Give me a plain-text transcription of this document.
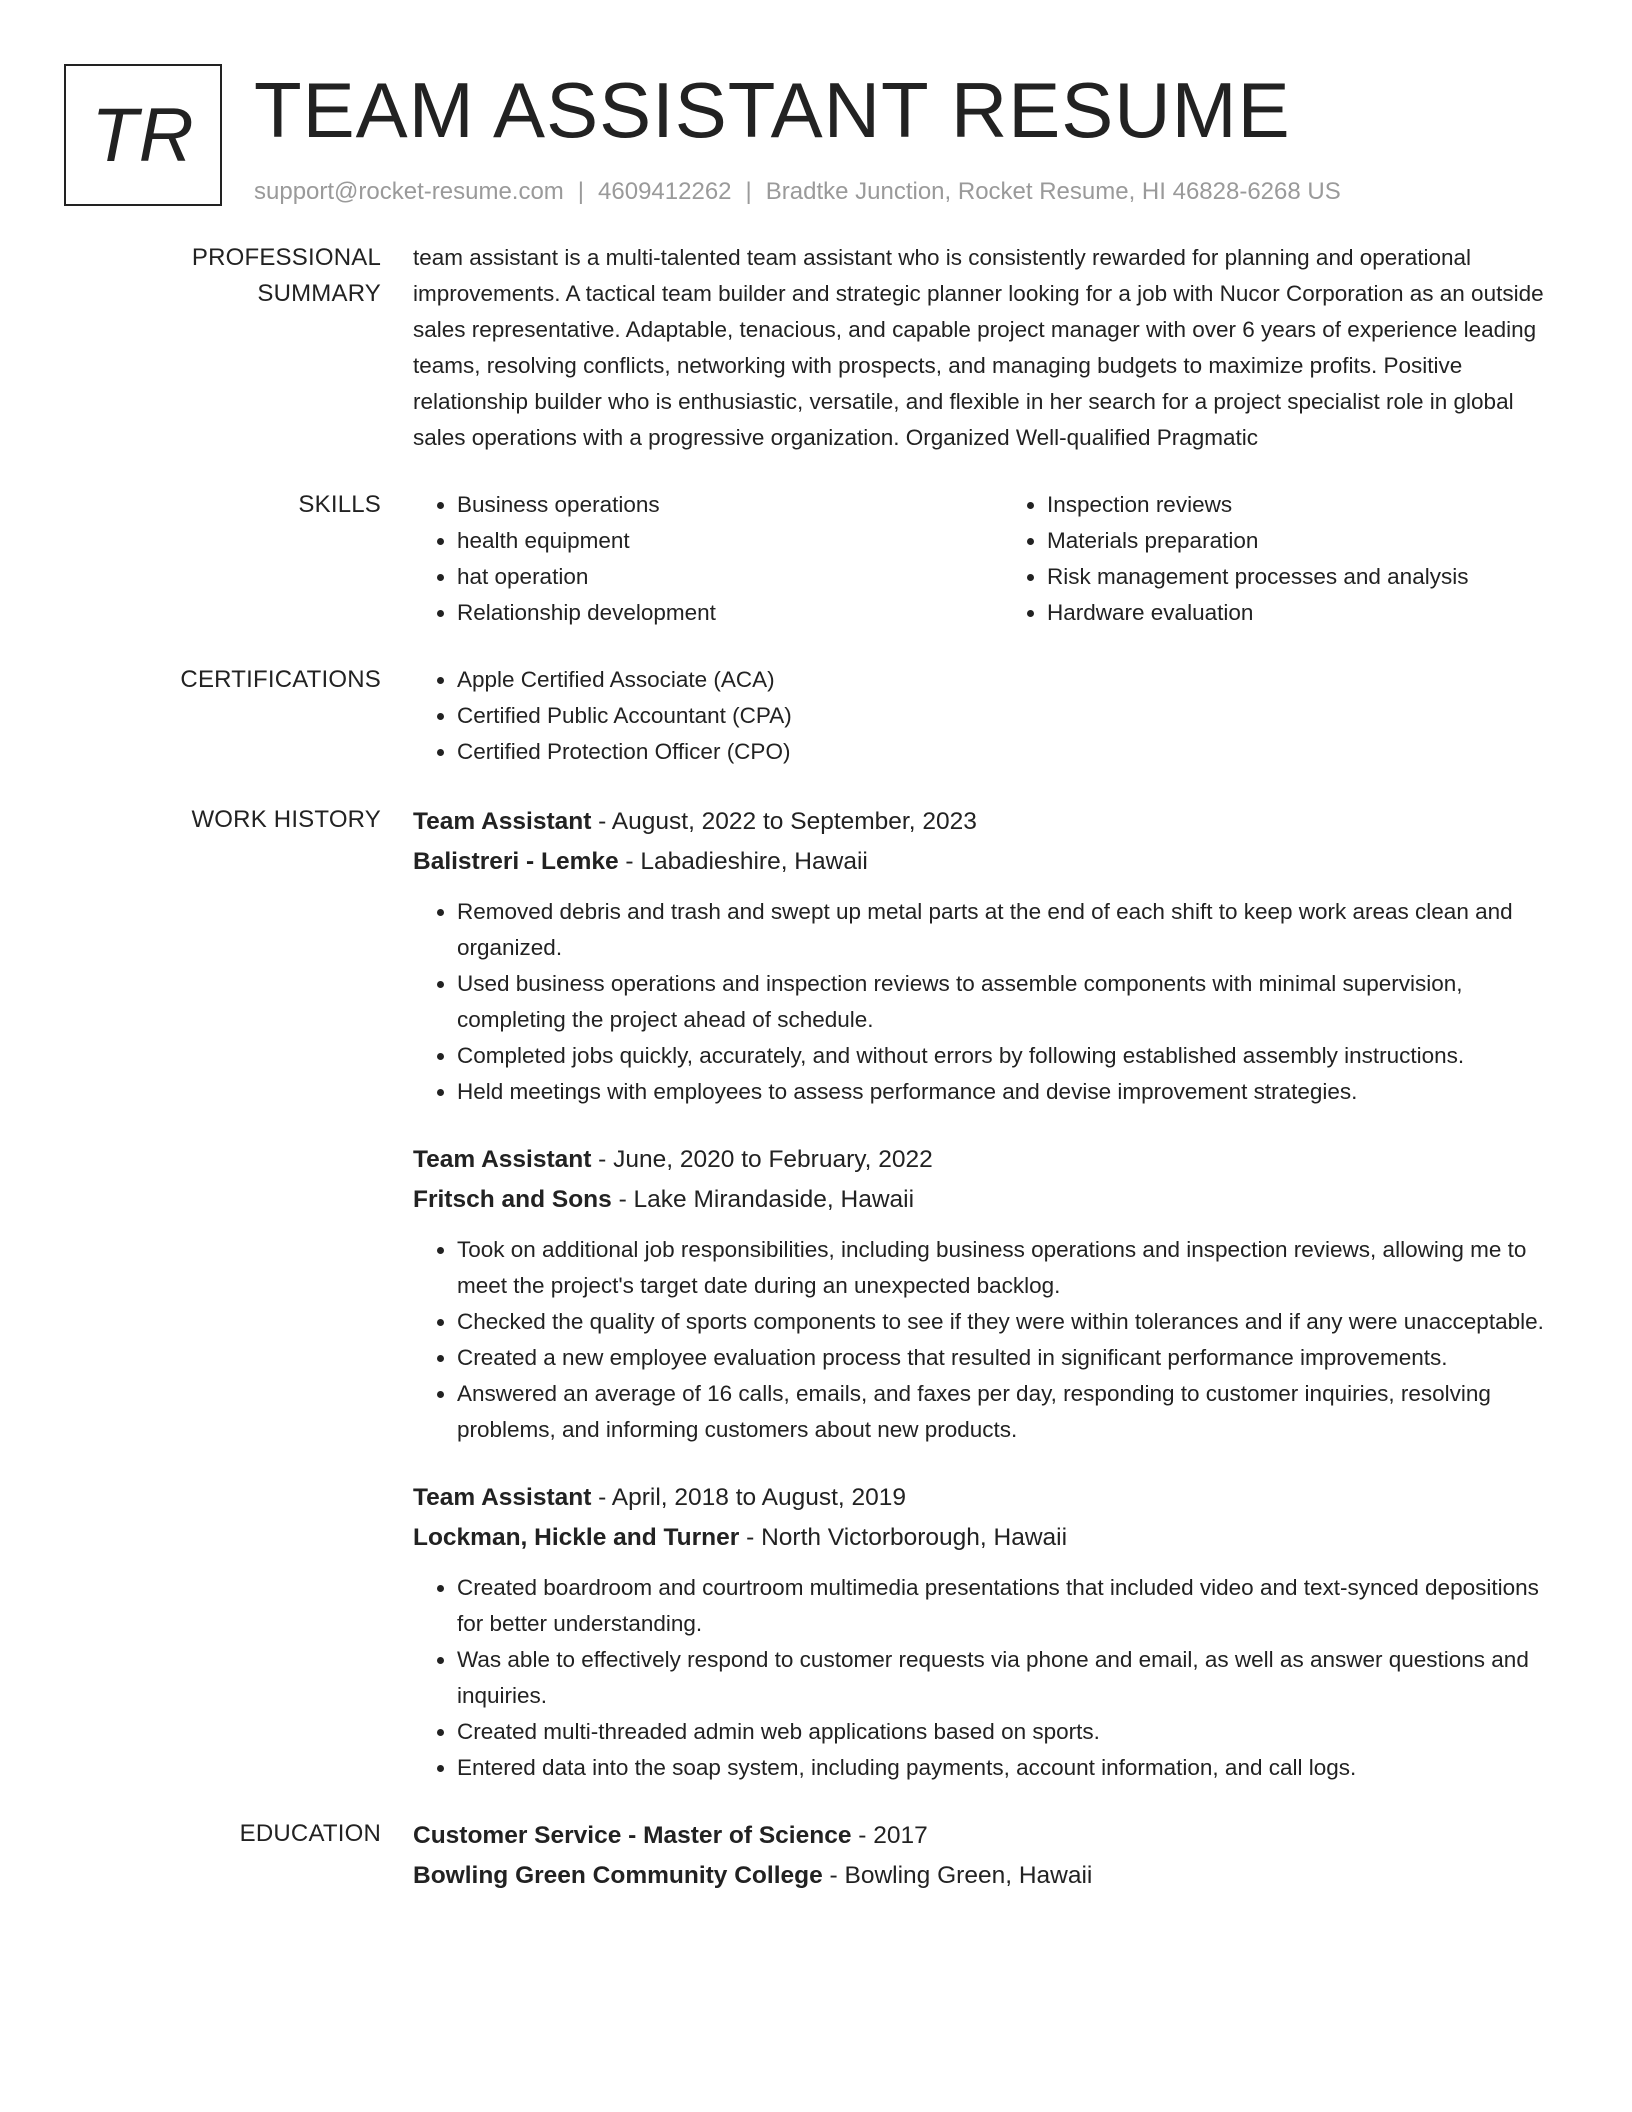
TR TEAM ASSISTANT RESUME
support@rocket-resume.com | 4609412262 | Bradtke Junction, Rocket Resume, HI 46828-6268 US
PROFESSIONAL SUMMARY

team assistant is a multi-talented team assistant who is consistently rewarded for planning and operational improvements. A tactical team builder and strategic planner looking for a job with Nucor Corporation as an outside sales representative. Adaptable, tenacious, and capable project manager with over 6 years of experience leading teams, resolving conflicts, networking with prospects, and managing budgets to maximize profits. Positive relationship builder who is enthusiastic, versatile, and flexible in her search for a project specialist role in global sales operations with a progressive organization. Organized Well-qualified Pragmatic

SKILLS	• Business operations
• health equipment
• hat operation
• Relationship development
• Inspection reviews
• Materials preparation
• Risk management processes and analysis
• Hardware evaluation
CERTIFICATIONS	• Apple Certified Associate (ACA)
• Certified Public Accountant (CPA)
• Certified Protection Officer (CPO)
WORK HISTORY	Team Assistant - August, 2022 to September, 2023
Balistreri - Lemke - Labadieshire, Hawaii
• Removed debris and trash and swept up metal parts at the end of each shift to keep work areas clean and organized.
• Used business operations and inspection reviews to assemble components with minimal supervision, completing the project ahead of schedule.
• Completed jobs quickly, accurately, and without errors by following established assembly instructions.
• Held meetings with employees to assess performance and devise improvement strategies.
Team Assistant - June, 2020 to February, 2022
Fritsch and Sons - Lake Mirandaside, Hawaii
• Took on additional job responsibilities, including business operations and inspection reviews, allowing me to meet the project's target date during an unexpected backlog.
• Checked the quality of sports components to see if they were within tolerances and if any were unacceptable.
• Created a new employee evaluation process that resulted in significant performance improvements.
• Answered an average of 16 calls, emails, and faxes per day, responding to customer inquiries, resolving problems, and informing customers about new products.
Team Assistant - April, 2018 to August, 2019
Lockman, Hickle and Turner - North Victorborough, Hawaii
• Created boardroom and courtroom multimedia presentations that included video and text-synced depositions for better understanding.
• Was able to effectively respond to customer requests via phone and email, as well as answer questions and inquiries.
• Created multi-threaded admin web applications based on sports.
• Entered data into the soap system, including payments, account information, and call logs.
EDUCATION	Customer Service - Master of Science - 2017
Bowling Green Community College - Bowling Green, Hawaii
